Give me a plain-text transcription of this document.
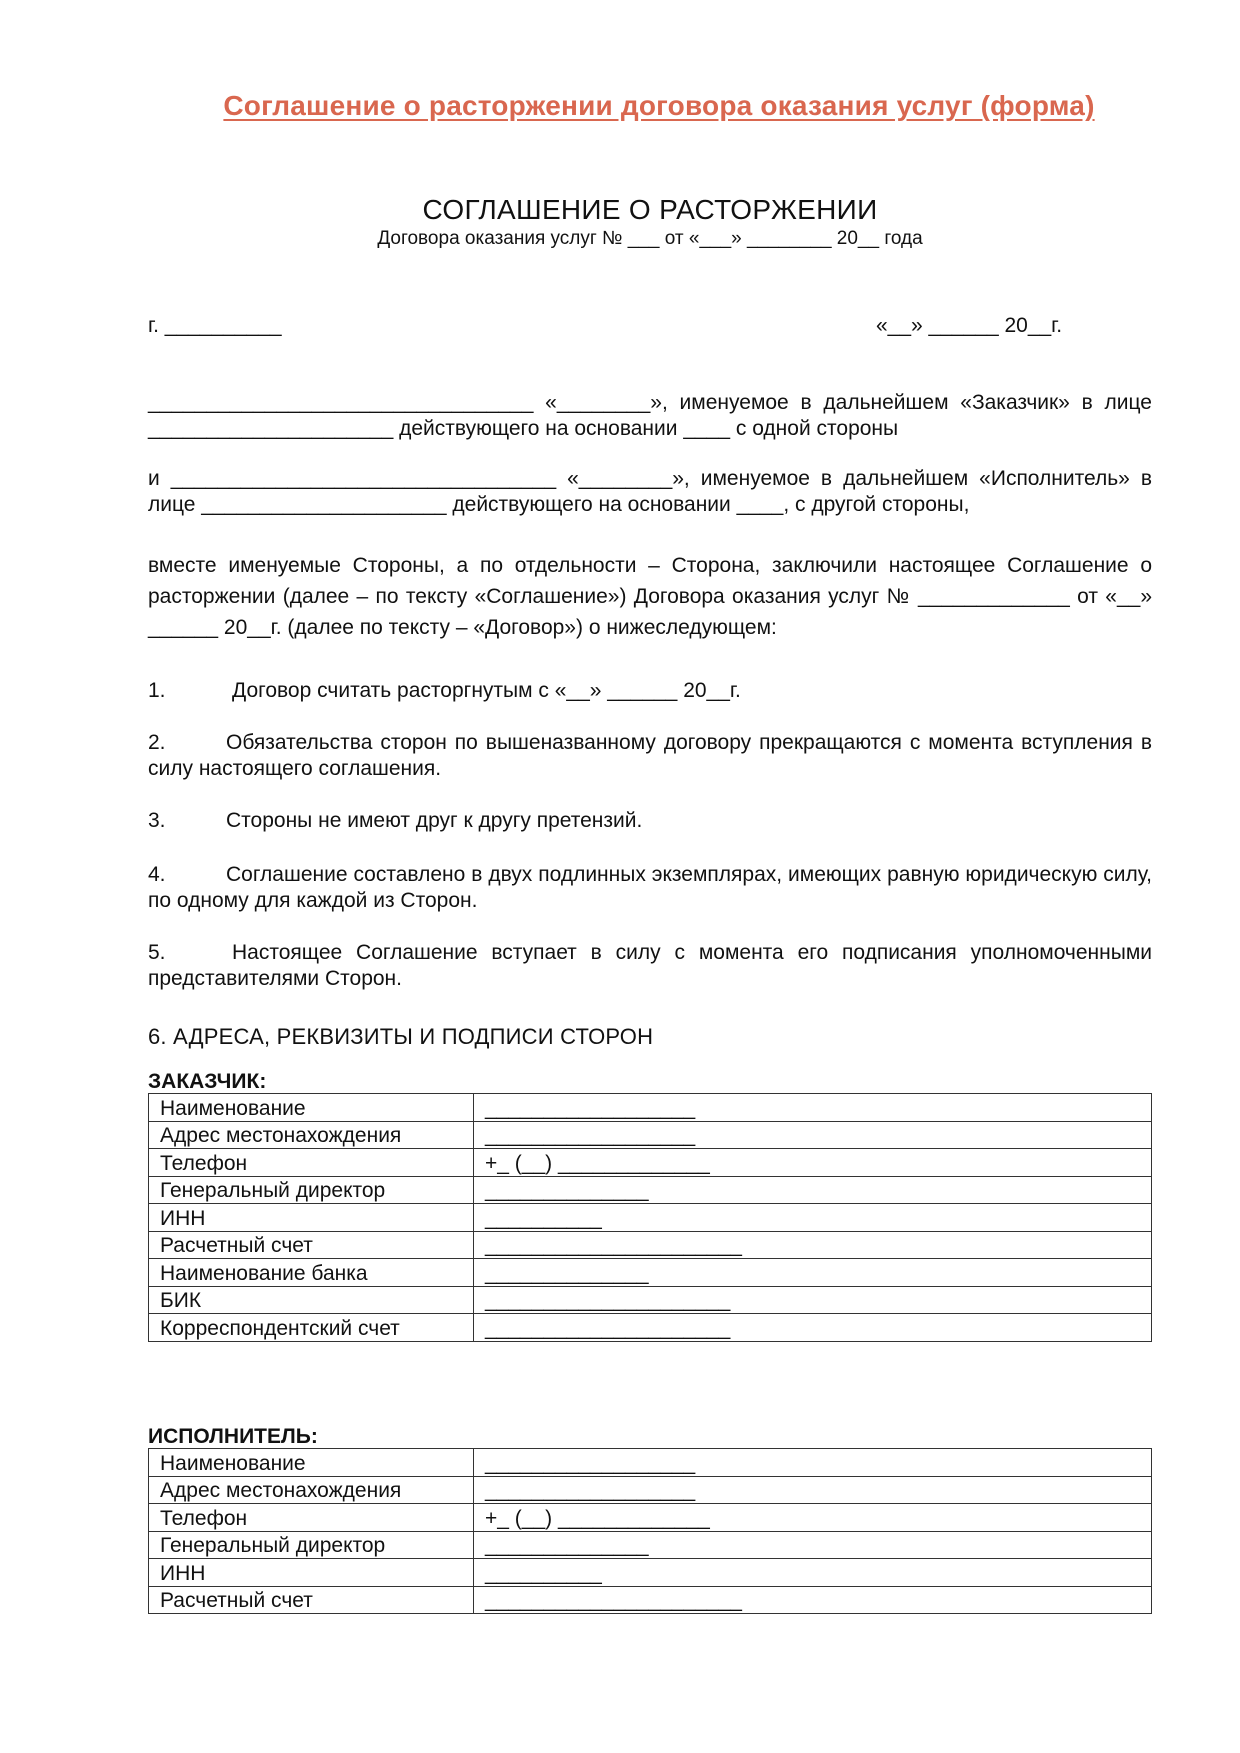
Соглашение о расторжении договора оказания услуг (форма)
СОГЛАШЕНИЕ О РАСТОРЖЕНИИ
Договора оказания услуг № ___ от «___» ________ 20__ года
г. __________	«__» ______ 20__г.
_________________________________ «________», именуемое в дальнейшем «Заказчик» в лице _____________________ действующего на основании ____ с одной стороны
и _________________________________ «________», именуемое в дальнейшем «Исполнитель» в лице _____________________ действующего на основании ____, с другой стороны,
вместе именуемые Стороны, а по отдельности – Сторона, заключили настоящее Соглашение о расторжении (далее – по тексту «Соглашение») Договора оказания услуг № _____________ от «__» ______ 20__г. (далее по тексту – «Договор») о нижеследующем:
1.	Договор считать расторгнутым с «__» ______ 20__г.
2.	Обязательства сторон по вышеназванному договору прекращаются с момента вступления в силу настоящего соглашения.
3.	Стороны не имеют друг к другу претензий.
4.	Соглашение составлено в двух подлинных экземплярах, имеющих равную юридическую силу, по одному для каждой из Сторон.
5.	Настоящее Соглашение вступает в силу с момента его подписания уполномоченными представителями Сторон.
6. АДРЕСА, РЕКВИЗИТЫ И ПОДПИСИ СТОРОН
ЗАКАЗЧИК:
Наименование	__________________
Адрес местонахождения	__________________
Телефон	+_ (__) _____________
Генеральный директор	______________
ИНН	__________
Расчетный счет	______________________
Наименование банка	______________
БИК	_____________________
Корреспондентский счет	_____________________
ИСПОЛНИТЕЛЬ:
Наименование	__________________
Адрес местонахождения	__________________
Телефон	+_ (__) _____________
Генеральный директор	______________
ИНН	__________
Расчетный счет	______________________
